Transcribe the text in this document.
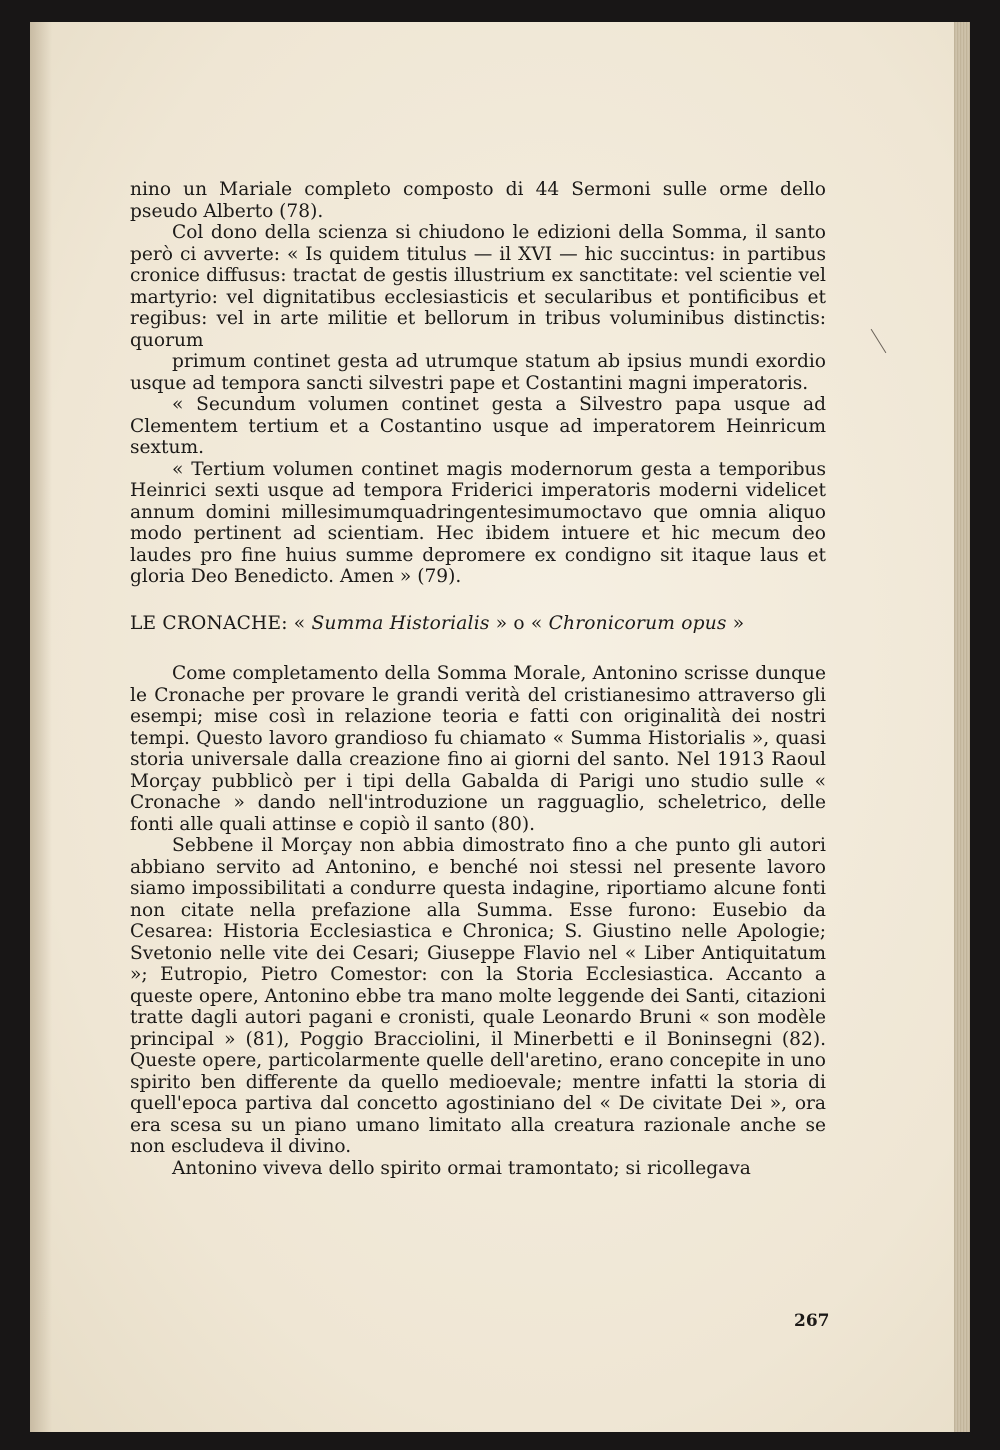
nino un Mariale completo composto di 44 Sermoni sulle orme dello pseudo Alberto (78).

Col dono della scienza si chiudono le edizioni della Somma, il santo però ci avverte: « Is quidem titulus — il XVI — hic succintus: in partibus cronice diffusus: tractat de gestis illustrium ex sanctitate: vel scientie vel martyrio: vel dignitatibus ecclesiasticis et secularibus et pontificibus et regibus: vel in arte militie et bellorum in tribus voluminibus distinctis: quorum

primum continet gesta ad utrumque statum ab ipsius mundi exordio usque ad tempora sancti silvestri pape et Costantini magni imperatoris.

« Secundum volumen continet gesta a Silvestro papa usque ad Clementem tertium et a Costantino usque ad imperatorem Heinricum sextum.

« Tertium volumen continet magis modernorum gesta a temporibus Heinrici sexti usque ad tempora Friderici imperatoris moderni videlicet annum domini millesimumquadringentesimumoctavo que omnia aliquo modo pertinent ad scientiam. Hec ibidem intuere et hic mecum deo laudes pro fine huius summe depromere ex condigno sit itaque laus et gloria Deo Benedicto. Amen » (79).

LE CRONACHE: « Summa Historialis » o « Chronicorum opus »

Come completamento della Somma Morale, Antonino scrisse dunque le Cronache per provare le grandi verità del cristianesimo attraverso gli esempi; mise così in relazione teoria e fatti con originalità dei nostri tempi. Questo lavoro grandioso fu chiamato « Summa Historialis », quasi storia universale dalla creazione fino ai giorni del santo. Nel 1913 Raoul Morçay pubblicò per i tipi della Gabalda di Parigi uno studio sulle « Cronache » dando nell'introduzione un ragguaglio, scheletrico, delle fonti alle quali attinse e copiò il santo (80).

Sebbene il Morçay non abbia dimostrato fino a che punto gli autori abbiano servito ad Antonino, e benché noi stessi nel presente lavoro siamo impossibilitati a condurre questa indagine, riportiamo alcune fonti non citate nella prefazione alla Summa. Esse furono: Eusebio da Cesarea: Historia Ecclesiastica e Chronica; S. Giustino nelle Apologie; Svetonio nelle vite dei Cesari; Giuseppe Flavio nel « Liber Antiquitatum »; Eutropio, Pietro Comestor: con la Storia Ecclesiastica. Accanto a queste opere, Antonino ebbe tra mano molte leggende dei Santi, citazioni tratte dagli autori pagani e cronisti, quale Leonardo Bruni « son modèle principal » (81), Poggio Bracciolini, il Minerbetti e il Boninsegni (82). Queste opere, particolarmente quelle dell'aretino, erano concepite in uno spirito ben differente da quello medioevale; mentre infatti la storia di quell'epoca partiva dal concetto agostiniano del « De civitate Dei », ora era scesa su un piano umano limitato alla creatura razionale anche se non escludeva il divino.

Antonino viveva dello spirito ormai tramontato; si ricollegava

267
